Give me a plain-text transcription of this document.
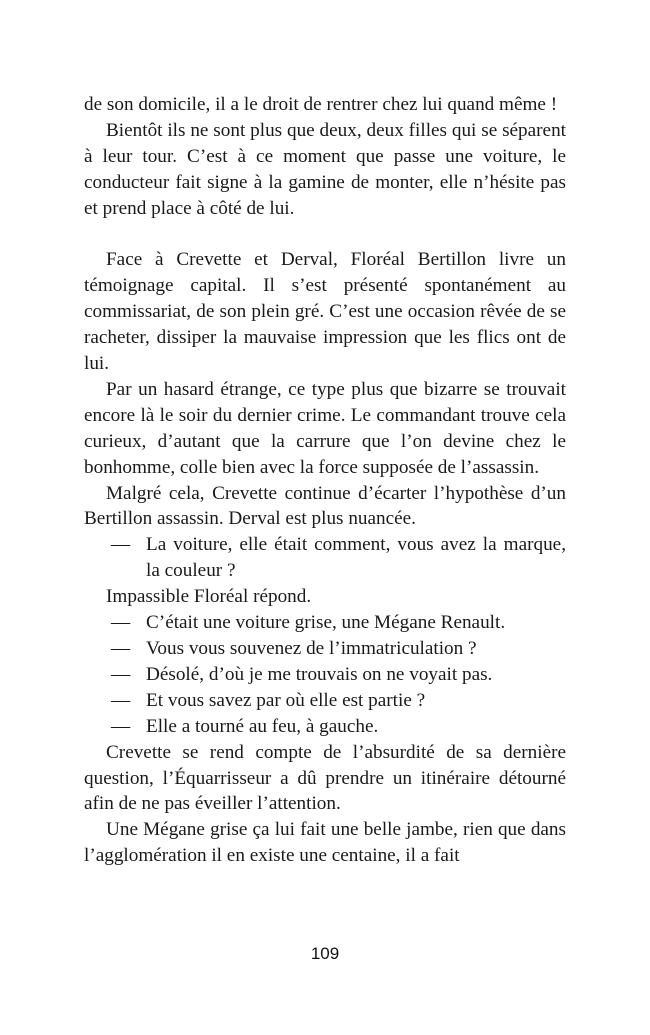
de son domicile, il a le droit de rentrer chez lui quand même !

Bientôt ils ne sont plus que deux, deux filles qui se séparent à leur tour. C’est à ce moment que passe une voiture, le conducteur fait signe à la gamine de monter, elle n’hésite pas et prend place à côté de lui.

Face à Crevette et Derval, Floréal Bertillon livre un témoignage capital. Il s’est présenté spontanément au commissariat, de son plein gré. C’est une occasion rêvée de se racheter, dissiper la mauvaise impression que les flics ont de lui.

Par un hasard étrange, ce type plus que bizarre se trouvait encore là le soir du dernier crime. Le commandant trouve cela curieux, d’autant que la carrure que l’on devine chez le bonhomme, colle bien avec la force supposée de l’assassin.

Malgré cela, Crevette continue d’écarter l’hypothèse d’un Bertillon assassin. Derval est plus nuancée.

— La voiture, elle était comment, vous avez la marque, la couleur ?

Impassible Floréal répond.

— C’était une voiture grise, une Mégane Renault.

— Vous vous souvenez de l’immatriculation ?

— Désolé, d’où je me trouvais on ne voyait pas.

— Et vous savez par où elle est partie ?

— Elle a tourné au feu, à gauche.

Crevette se rend compte de l’absurdité de sa dernière question, l’Équarrisseur a dû prendre un itinéraire détourné afin de ne pas éveiller l’attention.

Une Mégane grise ça lui fait une belle jambe, rien que dans l’agglomération il en existe une centaine, il a fait

109
